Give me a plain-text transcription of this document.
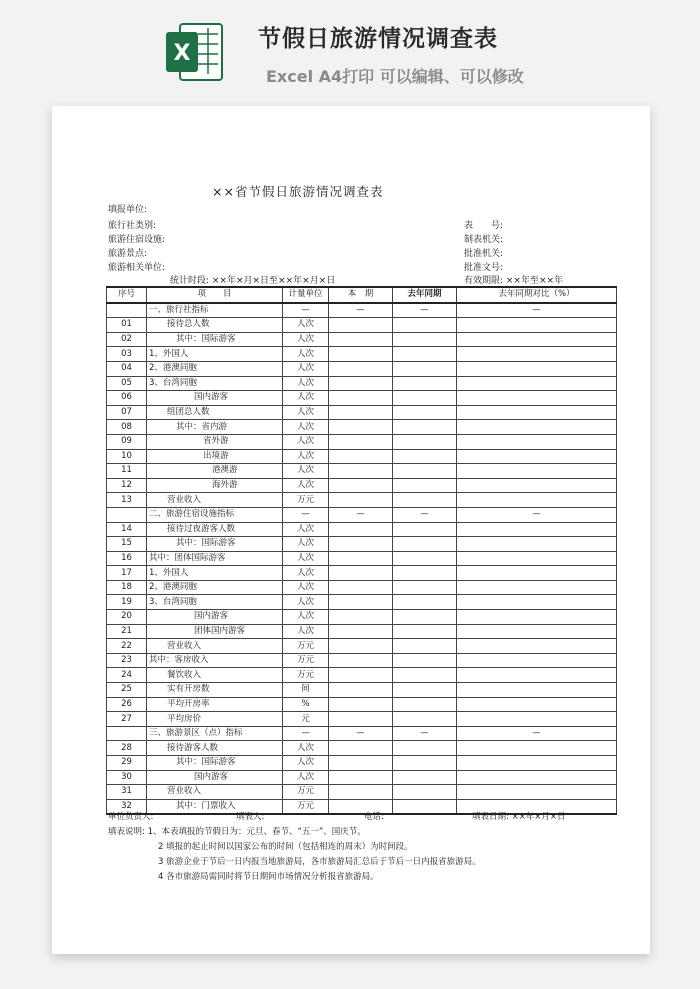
X
节假日旅游情况调查表
Excel A4打印 可以编辑、可以修改
××省节假日旅游情况调查表
填报单位:
旅行社类别:
旅游住宿设施:
旅游景点:
旅游相关单位:
表　　号:
制表机关:
批准机关:
批准文号:
有效期限: ××年至××年
统计时段: ××年×月×日至××年×月×日
序号	项　　目	计量单位	本　期	去年同期	去年同期对比（%）
	一、旅行社指标	—	—	—	—
01	接待总人数	人次			
02	其中：国际游客	人次			
03	1、外国人	人次			
04	2、港澳同胞	人次			
05	3、台湾同胞	人次			
06	国内游客	人次			
07	组团总人数	人次			
08	其中：省内游	人次			
09	省外游	人次			
10	出境游	人次			
11	港澳游	人次			
12	海外游	人次			
13	营业收入	万元			
	二、旅游住宿设施指标	—	—	—	—
14	接待过夜游客人数	人次			
15	其中：国际游客	人次			
16	其中：团体国际游客	人次			
17	1、外国人	人次			
18	2、港澳同胞	人次			
19	3、台湾同胞	人次			
20	国内游客	人次			
21	团体国内游客	人次			
22	营业收入	万元			
23	其中：客房收入	万元			
24	餐饮收入	万元			
25	实有开房数	间			
26	平均开房率	%			
27	平均房价	元			
	三、旅游景区（点）指标	—	—	—	—
28	接待游客人数	人次			
29	其中：国际游客	人次			
30	国内游客	人次			
31	营业收入	万元			
32	其中：门票收入	万元			
单位负责人:	填表人:	电话:	填表日期: ××年×月×日
填表说明: 1、本表填报的节假日为：元旦、春节、“五一”、国庆节。
2 填报的起止时间以国家公布的时间（包括相连的周末）为时间段。
3 旅游企业于节后一日内报当地旅游局，各市旅游局汇总后于节后一日内报省旅游局。
4 各市旅游局需同时将节日期间市场情况分析报省旅游局。
